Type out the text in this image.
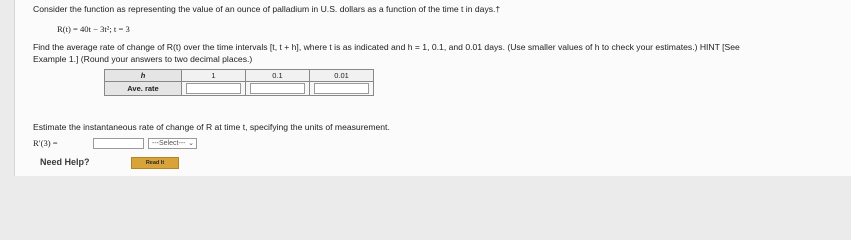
Consider the function as representing the value of an ounce of palladium in U.S. dollars as a function of the time t in days.†
R(t) = 40t − 3t²; t = 3
Find the average rate of change of R(t) over the time intervals [t, t + h], where t is as indicated and h = 1, 0.1, and 0.01 days. (Use smaller values of h to check your estimates.) HINT [See
Example 1.] (Round your answers to two decimal places.)
h	1	0.1	0.01
Ave. rate	

Estimate the instantaneous rate of change of R at time t, specifying the units of measurement.
R′(3) =	---Select--- ⌄
Need Help?	Read It
